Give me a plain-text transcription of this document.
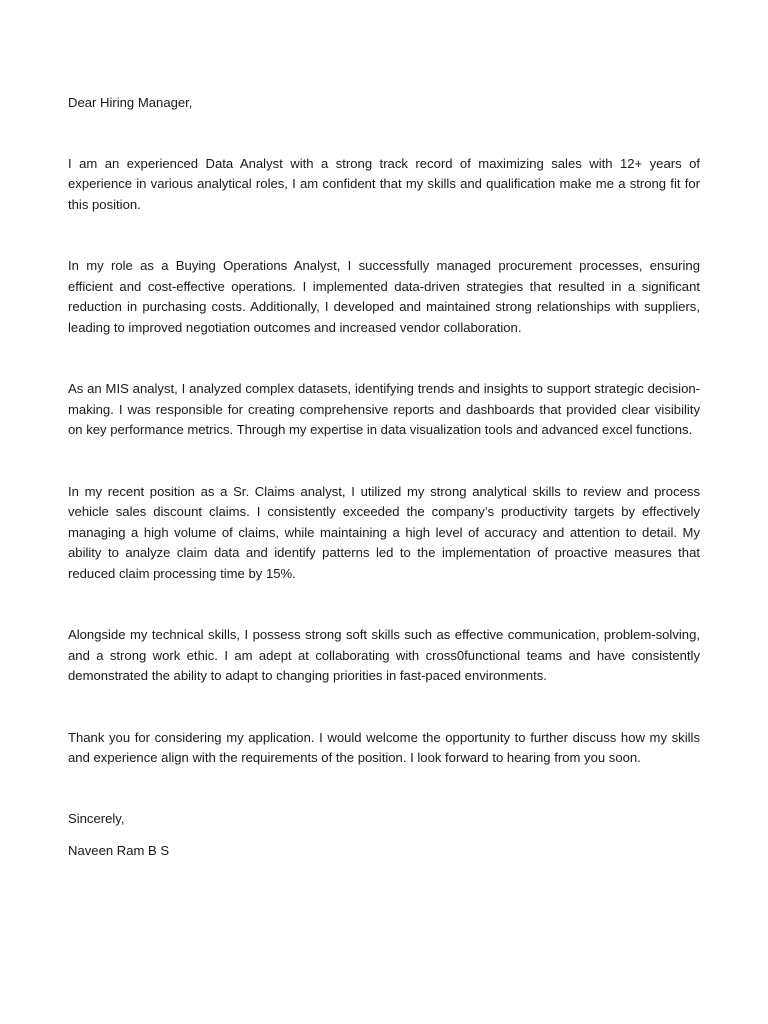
Dear Hiring Manager,

I am an experienced Data Analyst with a strong track record of maximizing sales with 12+ years of experience in various analytical roles, I am confident that my skills and qualification make me a strong fit for this position.

In my role as a Buying Operations Analyst, I successfully managed procurement processes, ensuring efficient and cost-effective operations. I implemented data-driven strategies that resulted in a significant reduction in purchasing costs. Additionally, I developed and maintained strong relationships with suppliers, leading to improved negotiation outcomes and increased vendor collaboration.

As an MIS analyst, I analyzed complex datasets, identifying trends and insights to support strategic decision-making. I was responsible for creating comprehensive reports and dashboards that provided clear visibility on key performance metrics. Through my expertise in data visualization tools and advanced excel functions.

In my recent position as a Sr. Claims analyst, I utilized my strong analytical skills to review and process vehicle sales discount claims. I consistently exceeded the company’s productivity targets by effectively managing a high volume of claims, while maintaining a high level of accuracy and attention to detail. My ability to analyze claim data and identify patterns led to the implementation of proactive measures that reduced claim processing time by 15%.

Alongside my technical skills, I possess strong soft skills such as effective communication, problem-solving, and a strong work ethic. I am adept at collaborating with cross0functional teams and have consistently demonstrated the ability to adapt to changing priorities in fast-paced environments.

Thank you for considering my application. I would welcome the opportunity to further discuss how my skills and experience align with the requirements of the position. I look forward to hearing from you soon.

Sincerely,

Naveen Ram B S
